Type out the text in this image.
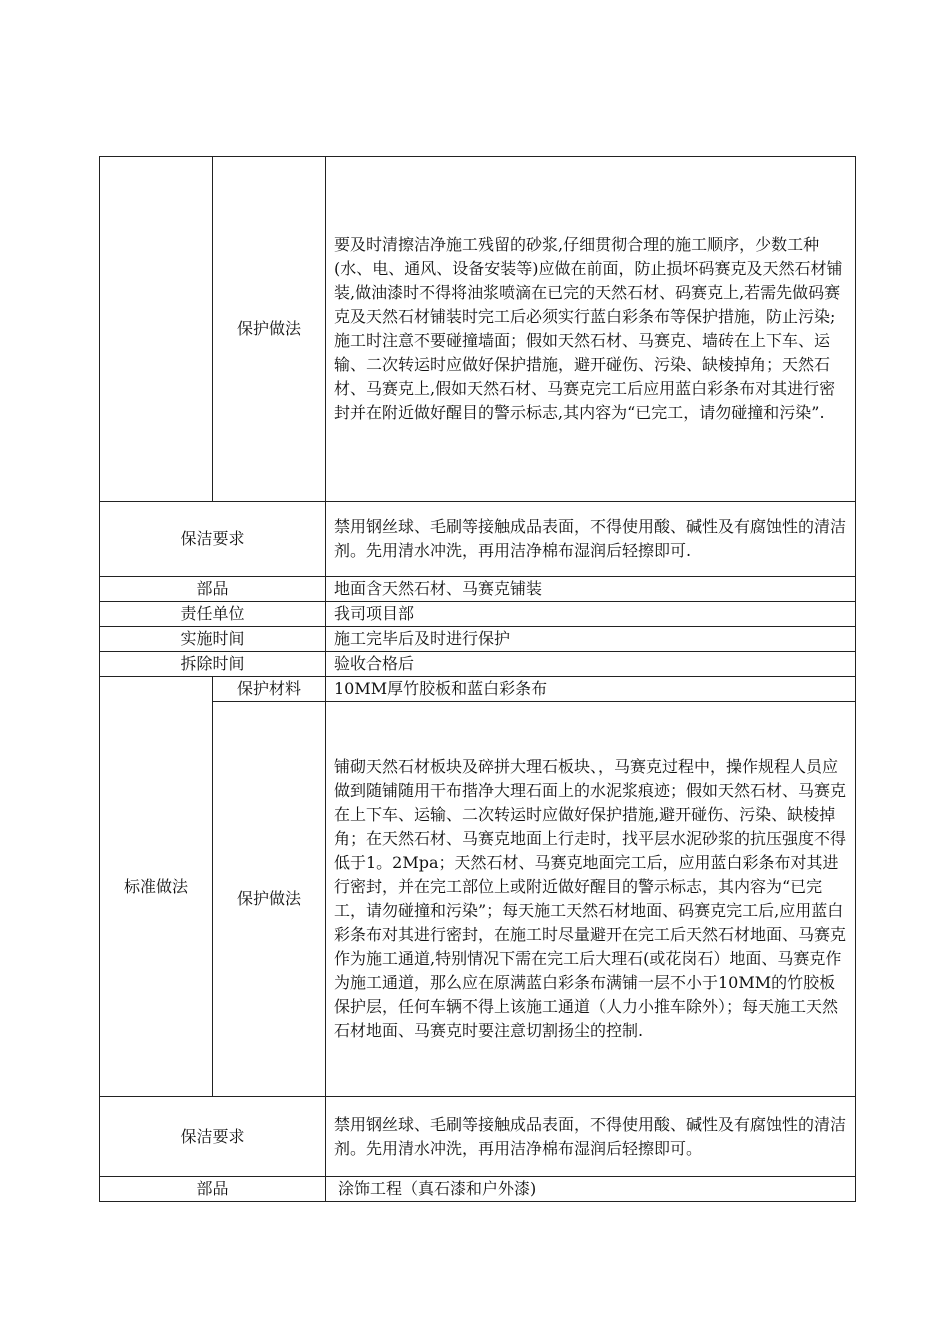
	保护做法	要及时清擦洁净施工残留的砂浆,仔细贯彻合理的施工顺序，少数工种(水、电、通风、设备安装等)应做在前面，防止损坏码赛克及天然石材铺装,做油漆时不得将油浆喷滴在已完的天然石材、码赛克上,若需先做码赛克及天然石材铺装时完工后必须实行蓝白彩条布等保护措施，防止污染;施工时注意不要碰撞墙面；假如天然石材、马赛克、墙砖在上下车、运输、二次转运时应做好保护措施，避开碰伤、污染、缺棱掉角；天然石材、马赛克上,假如天然石材、马赛克完工后应用蓝白彩条布对其进行密封并在附近做好醒目的警示标志,其内容为“已完工，请勿碰撞和污染”.
保洁要求		禁用钢丝球、毛刷等接触成品表面，不得使用酸、碱性及有腐蚀性的清洁剂。先用清水冲洗，再用洁净棉布湿润后轻擦即可.
部品		地面含天然石材、马赛克铺装
责任单位		我司项目部
实施时间		施工完毕后及时进行保护
拆除时间		验收合格后
标准做法	保护材料	10MM厚竹胶板和蓝白彩条布
	保护做法	铺砌天然石材板块及碎拼大理石板块、，马赛克过程中，操作规程人员应做到随铺随用干布揩净大理石面上的水泥浆痕迹；假如天然石材、马赛克在上下车、运输、二次转运时应做好保护措施,避开碰伤、污染、缺棱掉角；在天然石材、马赛克地面上行走时，找平层水泥砂浆的抗压强度不得低于1。2Mpa；天然石材、马赛克地面完工后，应用蓝白彩条布对其进行密封，并在完工部位上或附近做好醒目的警示标志，其内容为“已完工，请勿碰撞和污染”；每天施工天然石材地面、码赛克完工后,应用蓝白彩条布对其进行密封，在施工时尽量避开在完工后天然石材地面、马赛克作为施工通道,特别情况下需在完工后大理石(或花岗石）地面、马赛克作为施工通道，那么应在原满蓝白彩条布满铺一层不小于10MM的竹胶板保护层，任何车辆不得上该施工通道（人力小推车除外）；每天施工天然石材地面、马赛克时要注意切割扬尘的控制.
保洁要求		禁用钢丝球、毛刷等接触成品表面，不得使用酸、碱性及有腐蚀性的清洁剂。先用清水冲洗，再用洁净棉布湿润后轻擦即可。
部品		涂饰工程（真石漆和户外漆)
